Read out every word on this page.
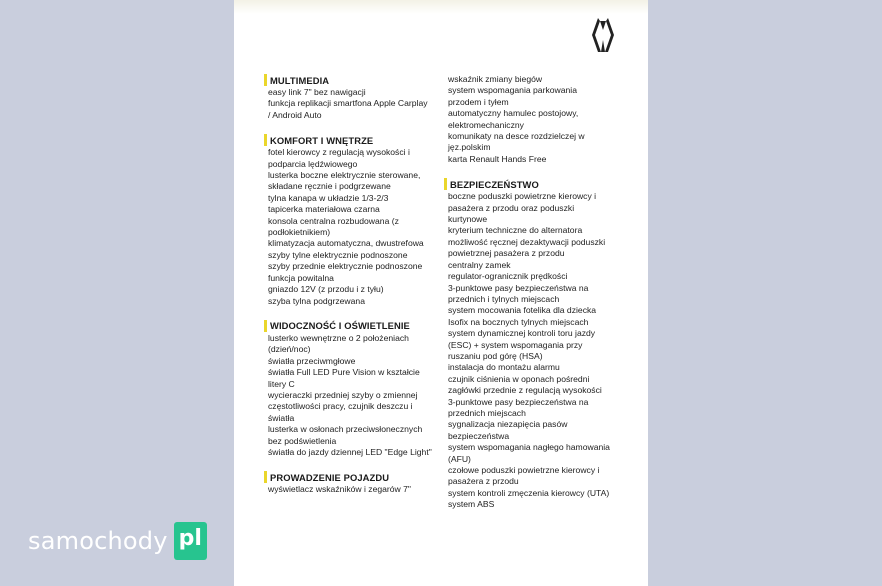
MULTIMEDIA
easy link 7" bez nawigacji
funkcja replikacji smartfona Apple Carplay
/ Android Auto
KOMFORT I WNĘTRZE
fotel kierowcy z regulacją wysokości i
podparcia lędźwiowego
lusterka boczne elektrycznie sterowane,
składane ręcznie i podgrzewane
tylna kanapa w układzie 1/3-2/3
tapicerka materiałowa czarna
konsola centralna rozbudowana (z
podłokietnikiem)
klimatyzacja automatyczna, dwustrefowa
szyby tylne elektrycznie podnoszone
szyby przednie elektrycznie podnoszone
funkcja powitalna
gniazdo 12V (z przodu i z tyłu)
szyba tylna podgrzewana
WIDOCZNOŚĆ I OŚWIETLENIE
lusterko wewnętrzne o 2 położeniach
(dzień/noc)
światła przeciwmgłowe
światła Full LED Pure Vision w kształcie
litery C
wycieraczki przedniej szyby o zmiennej
częstotliwości pracy, czujnik deszczu i
światła
lusterka w osłonach przeciwsłonecznych
bez podświetlenia
światła do jazdy dziennej LED "Edge Light"
PROWADZENIE POJAZDU
wyświetlacz wskaźników i zegarów 7"
wskaźnik zmiany biegów
system wspomagania parkowania
przodem i tyłem
automatyczny hamulec postojowy,
elektromechaniczny
komunikaty na desce rozdzielczej w
jęz.polskim
karta Renault Hands Free
BEZPIECZEŃSTWO
boczne poduszki powietrzne kierowcy i
pasażera z przodu oraz poduszki
kurtynowe
kryterium techniczne do alternatora
możliwość ręcznej dezaktywacji poduszki
powietrznej pasażera z przodu
centralny zamek
regulator-ogranicznik prędkości
3-punktowe pasy bezpieczeństwa na
przednich i tylnych miejscach
system mocowania fotelika dla dziecka
Isofix na bocznych tylnych miejscach
system dynamicznej kontroli toru jazdy
(ESC) + system wspomagania przy
ruszaniu pod górę (HSA)
instalacja do montażu alarmu
czujnik ciśnienia w oponach pośredni
zagłówki przednie z regulacją wysokości
3-punktowe pasy bezpieczeństwa na
przednich miejscach
sygnalizacja niezapięcia pasów
bezpieczeństwa
system wspomagania nagłego hamowania
(AFU)
czołowe poduszki powietrzne kierowcy i
pasażera z przodu
system kontroli zmęczenia kierowcy (UTA)
system ABS
samochody pl
